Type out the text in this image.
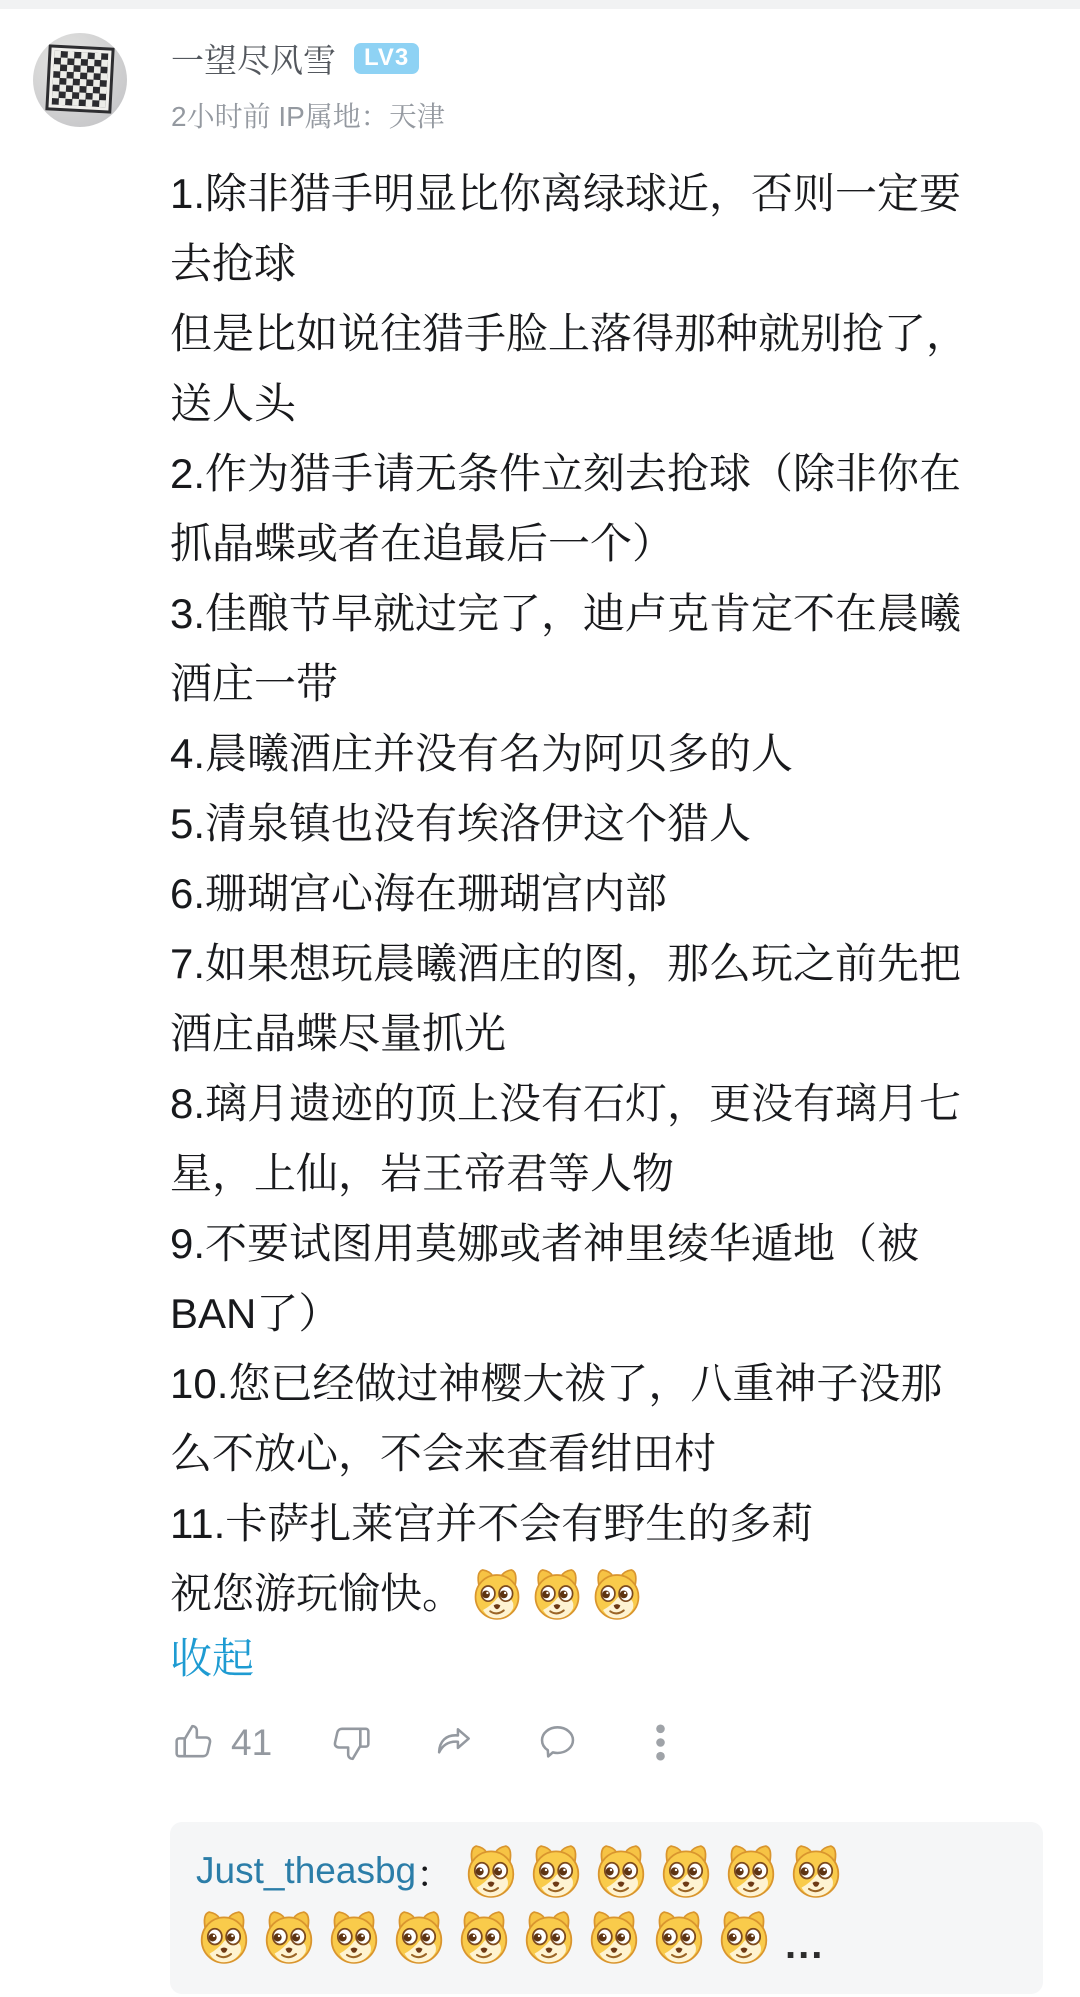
一望尽风雪	LV3
2小时前 IP属地：天津
1.除非猎手明显比你离绿球近，否则一定要
去抢球
但是比如说往猎手脸上落得那种就别抢了，
送人头
2.作为猎手请无条件立刻去抢球（除非你在
抓晶蝶或者在追最后一个）
3.佳酿节早就过完了，迪卢克肯定不在晨曦
酒庄一带
4.晨曦酒庄并没有名为阿贝多的人
5.清泉镇也没有埃洛伊这个猎人
6.珊瑚宫心海在珊瑚宫内部
7.如果想玩晨曦酒庄的图，那么玩之前先把
酒庄晶蝶尽量抓光
8.璃月遗迹的顶上没有石灯，更没有璃月七
星，上仙，岩王帝君等人物
9.不要试图用莫娜或者神里绫华遁地（被
BAN了）
10.您已经做过神樱大祓了，八重神子没那
么不放心，不会来查看绀田村
11.卡萨扎莱宫并不会有野生的多莉
祝您游玩愉快。
收起
41
Just_theasbg ：
...
